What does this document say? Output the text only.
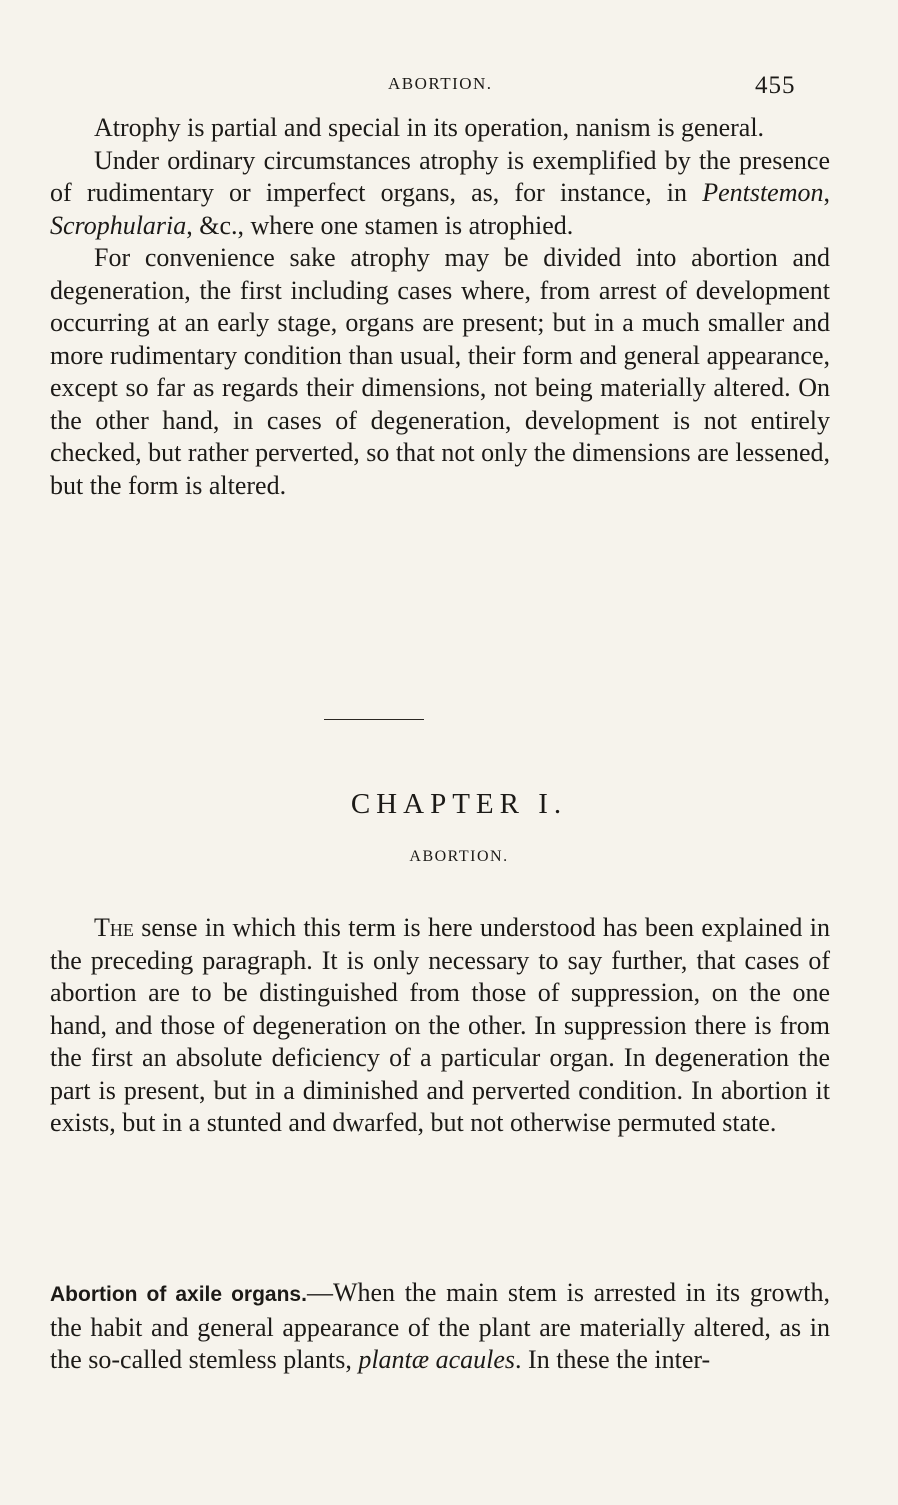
ABORTION.	455

Atrophy is partial and special in its operation, nanism is general.

Under ordinary circumstances atrophy is exemplified by the presence of rudimentary or imperfect organs, as, for instance, in Pentstemon, Scrophularia, &c., where one stamen is atrophied.

For convenience sake atrophy may be divided into abortion and degeneration, the first including cases where, from arrest of development occurring at an early stage, organs are present; but in a much smaller and more rudimentary condition than usual, their form and general appearance, except so far as regards their dimensions, not being materially altered. On the other hand, in cases of degeneration, development is not entirely checked, but rather perverted, so that not only the dimensions are lessened, but the form is altered.

CHAPTER I.
ABORTION.

The sense in which this term is here understood has been explained in the preceding paragraph. It is only necessary to say further, that cases of abortion are to be distinguished from those of suppression, on the one hand, and those of degeneration on the other. In suppression there is from the first an absolute deficiency of a particular organ. In degeneration the part is present, but in a diminished and perverted condition. In abortion it exists, but in a stunted and dwarfed, but not otherwise permuted state.

Abortion of axile organs.—When the main stem is arrested in its growth, the habit and general appearance of the plant are materially altered, as in the so-called stemless plants, plantæ acaules. In these the inter-
